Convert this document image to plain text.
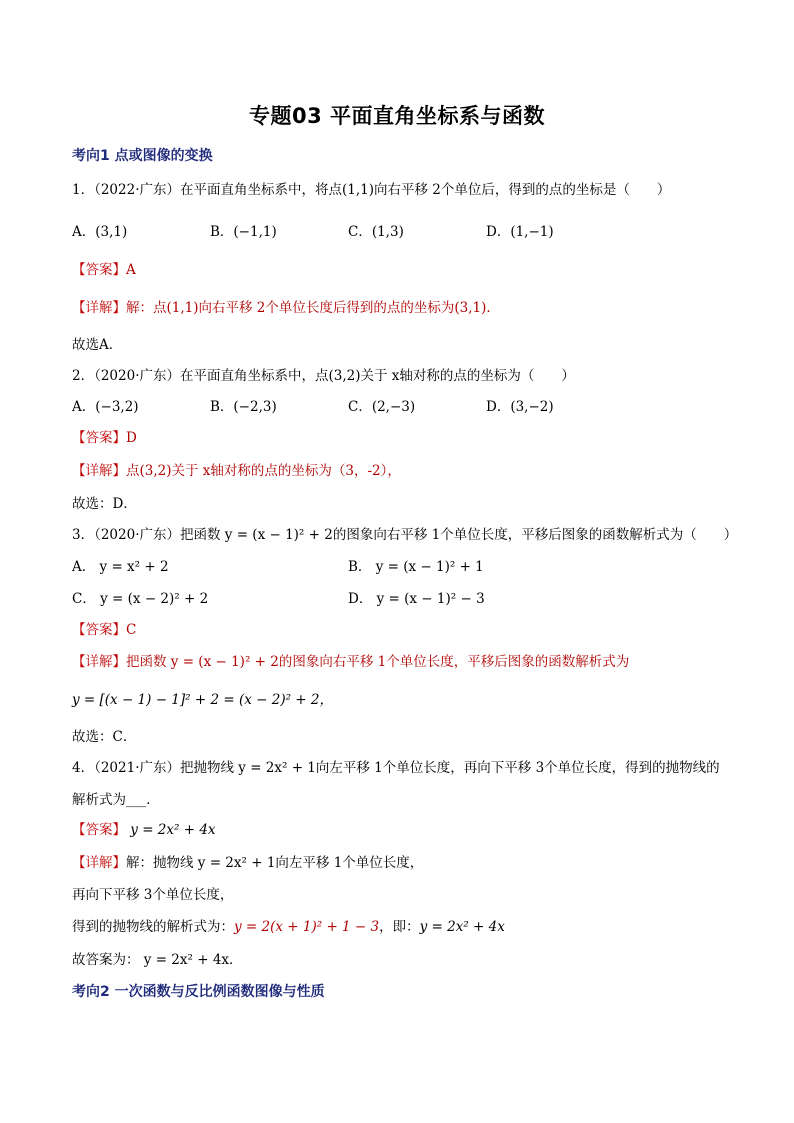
专题03 平面直角坐标系与函数
考向1 点或图像的变换
1．（2022·广东）在平面直角坐标系中，将点(1,1)向右平移 2个单位后，得到的点的坐标是（　　）
A．(3,1)	B．(−1,1)	C．(1,3)	D．(1,−1)
【答案】A
【详解】解：点(1,1)向右平移 2个单位长度后得到的点的坐标为(3,1)．
故选A．
2．（2020·广东）在平面直角坐标系中，点(3,2)关于 x轴对称的点的坐标为（　　）
A．(−3,2)	B．(−2,3)	C．(2,−3)	D．(3,−2)
【答案】D
【详解】点(3,2)关于 x轴对称的点的坐标为（3，-2），
故选：D．
3．（2020·广东）把函数 y = (x − 1)² + 2的图象向右平移 1个单位长度，平移后图象的函数解析式为（　　）
A． y = x² + 2	B． y = (x − 1)² + 1
C． y = (x − 2)² + 2	D． y = (x − 1)² − 3
【答案】C
【详解】把函数 y = (x − 1)² + 2的图象向右平移 1个单位长度，平移后图象的函数解析式为
y = [(x − 1) − 1]² + 2 = (x − 2)² + 2，
故选：C．
4．（2021·广东）把抛物线 y = 2x² + 1向左平移 1个单位长度，再向下平移 3个单位长度，得到的抛物线的
解析式为___．
【答案】 y = 2x² + 4x
【详解】解：抛物线 y = 2x² + 1向左平移 1个单位长度，
再向下平移 3个单位长度，
得到的抛物线的解析式为：y = 2(x + 1)² + 1 − 3，即：y = 2x² + 4x
故答案为： y = 2x² + 4x．
考向2 一次函数与反比例函数图像与性质
